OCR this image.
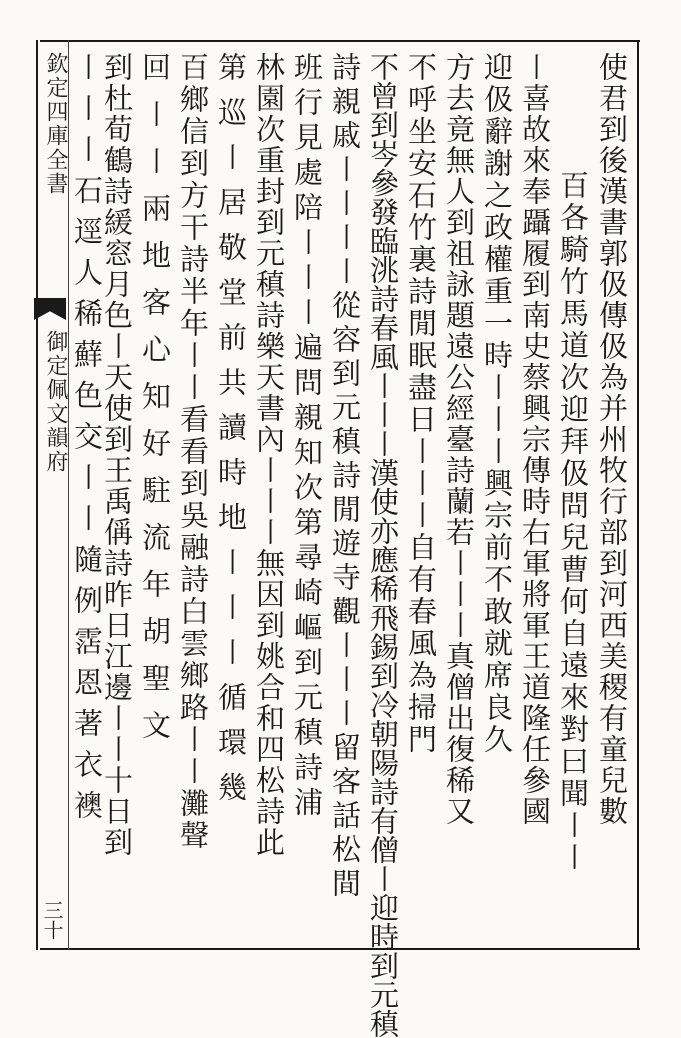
欽定四庫全書
御定佩文韻府
三十
使君到後漢書郭伋傳伋為并州牧行部到河西美稷有童兒數
百各騎竹馬道次迎拜伋問兒曹何自遠來對曰聞〡〡
〡喜故來奉躡履到南史蔡興宗傳時右軍將軍王道隆任參國
迎伋辭謝之政權重一時〡〡〡興宗前不敢就席良久
方去竟無人到祖詠題遠公經臺詩蘭若〡〡〡真僧出復稀又
不呼坐安石竹裏詩閒眠盡日〡〡〡自有春風為掃門
不曾到岑參發臨洮詩春風〡〡〡漢使亦應稀飛錫到冷朝陽詩有僧〡迎時到元稹
詩親戚〡〡〡〡從容到元稹詩閒遊寺觀〡〡〡留客話松間
班行見處陪〡〡〡遍問親知次第尋崎嶇到元稹詩浦
林園次重封到元稹詩樂天書內〡〡〡無因到姚合和四松詩此
第巡〡居敬堂前共讀時地〡〡〡循環幾
百鄉信到方干詩半年〡〡看看到吳融詩白雲鄉路〡〡灘聲
回〡〡兩地客心知好駐流年胡聖文
到杜荀鶴詩緩窓月色〡天使到王禹偁詩昨日江邊〡〡十日到
〡〡〡石逕人稀蘚色交〡〡隨例霑恩著衣襖
